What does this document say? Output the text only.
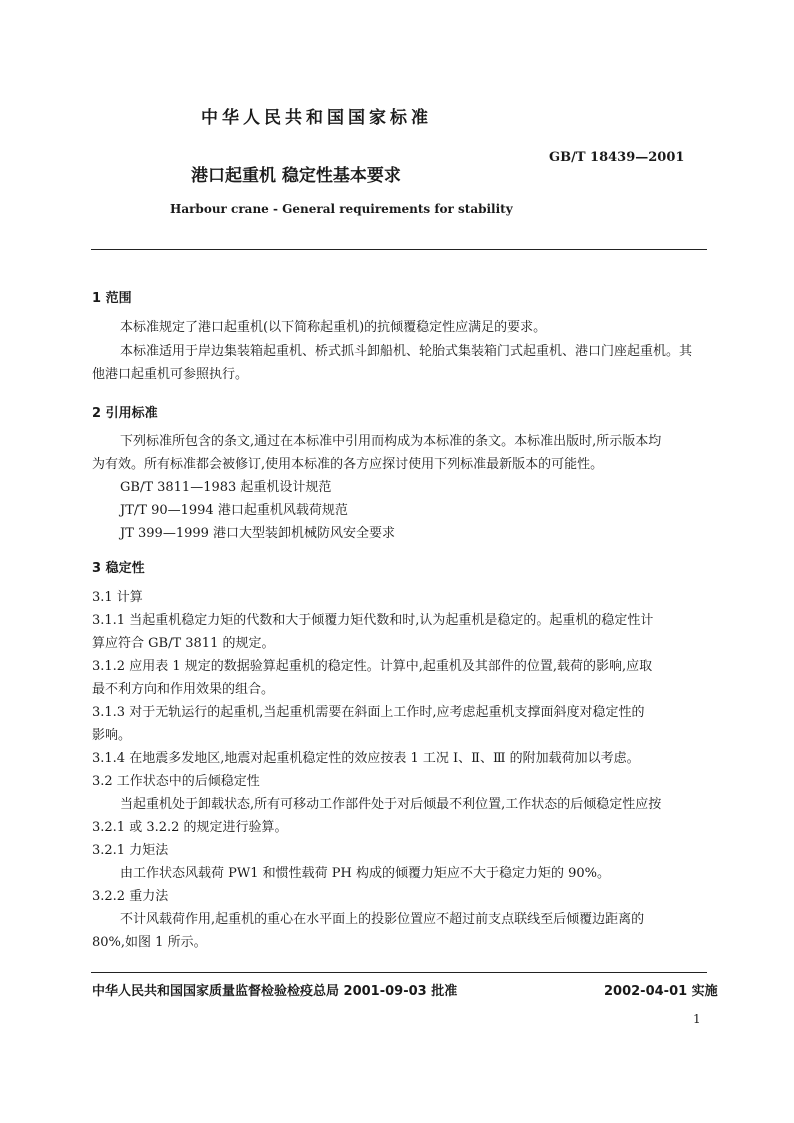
中华人民共和国国家标准
港口起重机 稳定性基本要求
GB/T 18439—2001
Harbour crane - General requirements for stability
1 范围
本标准规定了港口起重机(以下简称起重机)的抗倾覆稳定性应满足的要求。
本标准适用于岸边集装箱起重机、桥式抓斗卸船机、轮胎式集装箱门式起重机、港口门座起重机。其
他港口起重机可参照执行。
2 引用标准
下列标准所包含的条文,通过在本标准中引用而构成为本标准的条文。本标准出版时,所示版本均
为有效。所有标准都会被修订,使用本标准的各方应探讨使用下列标准最新版本的可能性。
GB/T 3811—1983 起重机设计规范
JT/T 90—1994 港口起重机风载荷规范
JT 399—1999 港口大型装卸机械防风安全要求
3 稳定性
3.1 计算
3.1.1 当起重机稳定力矩的代数和大于倾覆力矩代数和时,认为起重机是稳定的。起重机的稳定性计
算应符合 GB/T 3811 的规定。
3.1.2 应用表 1 规定的数据验算起重机的稳定性。计算中,起重机及其部件的位置,载荷的影响,应取
最不利方向和作用效果的组合。
3.1.3 对于无轨运行的起重机,当起重机需要在斜面上工作时,应考虑起重机支撑面斜度对稳定性的
影响。
3.1.4 在地震多发地区,地震对起重机稳定性的效应按表 1 工况 Ⅰ、Ⅱ、Ⅲ 的附加载荷加以考虑。
3.2 工作状态中的后倾稳定性
当起重机处于卸载状态,所有可移动工作部件处于对后倾最不利位置,工作状态的后倾稳定性应按
3.2.1 或 3.2.2 的规定进行验算。
3.2.1 力矩法
由工作状态风载荷 PW1 和惯性载荷 PH 构成的倾覆力矩应不大于稳定力矩的 90%。
3.2.2 重力法
不计风载荷作用,起重机的重心在水平面上的投影位置应不超过前支点联线至后倾覆边距离的
80%,如图 1 所示。
中华人民共和国国家质量监督检验检疫总局 2001-09-03 批准	2002-04-01 实施
1
